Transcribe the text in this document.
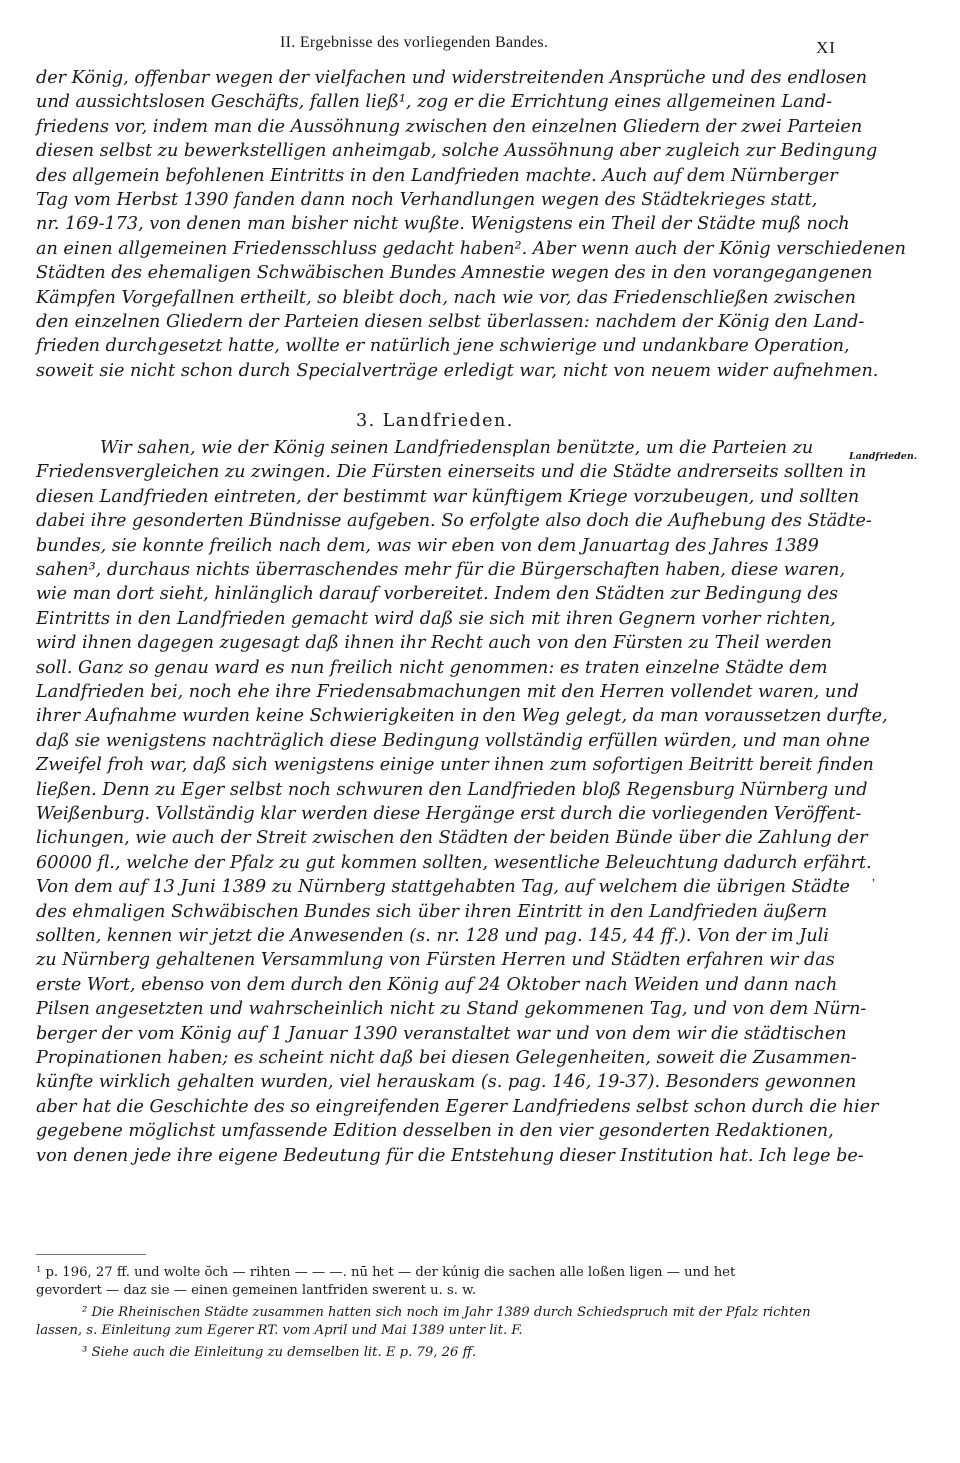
II. Ergebnisse des vorliegenden Bandes.	XI
der König, offenbar wegen der vielfachen und widerstreitenden Ansprüche und des endlosen
und aussichtslosen Geschäfts, fallen ließ¹, zog er die Errichtung eines allgemeinen Land-
friedens vor, indem man die Aussöhnung zwischen den einzelnen Gliedern der zwei Parteien
diesen selbst zu bewerkstelligen anheimgab, solche Aussöhnung aber zugleich zur Bedingung
des allgemein befohlenen Eintritts in den Landfrieden machte. Auch auf dem Nürnberger
Tag vom Herbst 1390 fanden dann noch Verhandlungen wegen des Städtekrieges statt,
nr. 169-173, von denen man bisher nicht wußte. Wenigstens ein Theil der Städte muß noch
an einen allgemeinen Friedensschluss gedacht haben². Aber wenn auch der König verschiedenen
Städten des ehemaligen Schwäbischen Bundes Amnestie wegen des in den vorangegangenen
Kämpfen Vorgefallnen ertheilt, so bleibt doch, nach wie vor, das Friedenschließen zwischen
den einzelnen Gliedern der Parteien diesen selbst überlassen: nachdem der König den Land-
frieden durchgesetzt hatte, wollte er natürlich jene schwierige und undankbare Operation,
soweit sie nicht schon durch Specialverträge erledigt war, nicht von neuem wider aufnehmen.
3. Landfrieden.
Wir sahen, wie der König seinen Landfriedensplan benützte, um die Parteien zu
Friedensvergleichen zu zwingen. Die Fürsten einerseits und die Städte andrerseits sollten in
diesen Landfrieden eintreten, der bestimmt war künftigem Kriege vorzubeugen, und sollten
dabei ihre gesonderten Bündnisse aufgeben. So erfolgte also doch die Aufhebung des Städte-
bundes, sie konnte freilich nach dem, was wir eben von dem Januartag des Jahres 1389
sahen³, durchaus nichts überraschendes mehr für die Bürgerschaften haben, diese waren,
wie man dort sieht, hinlänglich darauf vorbereitet. Indem den Städten zur Bedingung des
Eintritts in den Landfrieden gemacht wird daß sie sich mit ihren Gegnern vorher richten,
wird ihnen dagegen zugesagt daß ihnen ihr Recht auch von den Fürsten zu Theil werden
soll. Ganz so genau ward es nun freilich nicht genommen: es traten einzelne Städte dem
Landfrieden bei, noch ehe ihre Friedensabmachungen mit den Herren vollendet waren, und
ihrer Aufnahme wurden keine Schwierigkeiten in den Weg gelegt, da man voraussetzen durfte,
daß sie wenigstens nachträglich diese Bedingung vollständig erfüllen würden, und man ohne
Zweifel froh war, daß sich wenigstens einige unter ihnen zum sofortigen Beitritt bereit finden
ließen. Denn zu Eger selbst noch schwuren den Landfrieden bloß Regensburg Nürnberg und
Weißenburg. Vollständig klar werden diese Hergänge erst durch die vorliegenden Veröffent-
lichungen, wie auch der Streit zwischen den Städten der beiden Bünde über die Zahlung der
60000 fl., welche der Pfalz zu gut kommen sollten, wesentliche Beleuchtung dadurch erfährt.
Von dem auf 13 Juni 1389 zu Nürnberg stattgehabten Tag, auf welchem die übrigen Städte
des ehmaligen Schwäbischen Bundes sich über ihren Eintritt in den Landfrieden äußern
sollten, kennen wir jetzt die Anwesenden (s. nr. 128 und pag. 145, 44 ff.). Von der im Juli
zu Nürnberg gehaltenen Versammlung von Fürsten Herren und Städten erfahren wir das
erste Wort, ebenso von dem durch den König auf 24 Oktober nach Weiden und dann nach
Pilsen angesetzten und wahrscheinlich nicht zu Stand gekommenen Tag, und von dem Nürn-
berger der vom König auf 1 Januar 1390 veranstaltet war und von dem wir die städtischen
Propinationen haben; es scheint nicht daß bei diesen Gelegenheiten, soweit die Zusammen-
künfte wirklich gehalten wurden, viel herauskam (s. pag. 146, 19-37). Besonders gewonnen
aber hat die Geschichte des so eingreifenden Egerer Landfriedens selbst schon durch die hier
gegebene möglichst umfassende Edition desselben in den vier gesonderten Redaktionen,
von denen jede ihre eigene Bedeutung für die Entstehung dieser Institution hat. Ich lege be-
Landfrieden.
,
¹ p. 196, 27 ff. und wolte ŏch — rihten — — —. nū het — der kúnig die sachen alle loßen ligen — und het
gevordert — daz sie — einen gemeinen lantfriden swerent u. s. w.
² Die Rheinischen Städte zusammen hatten sich noch im Jahr 1389 durch Schiedspruch mit der Pfalz richten
lassen, s. Einleitung zum Egerer RT. vom April und Mai 1389 unter lit. F.
³ Siehe auch die Einleitung zu demselben lit. E p. 79, 26 ff.
